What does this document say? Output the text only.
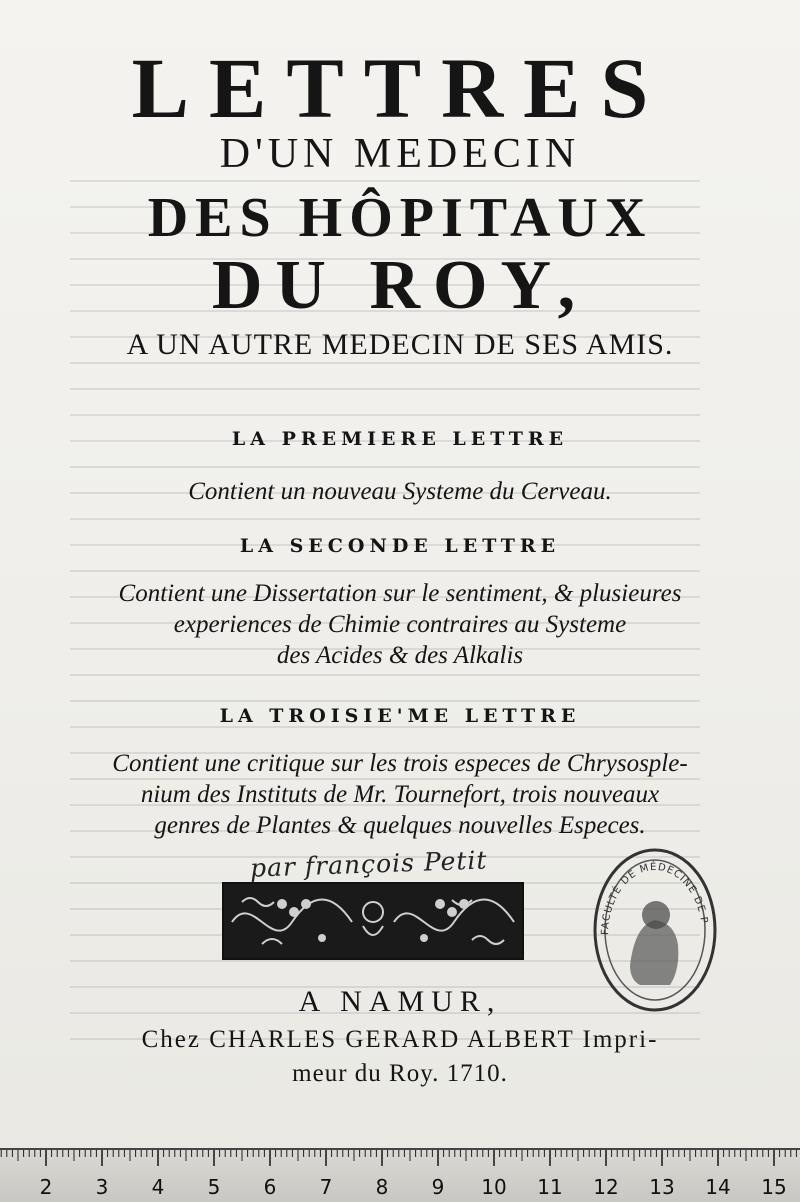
LETTRES
D'UN MEDECIN
DES HÔPITAUX
DU ROY,
A UN AUTRE MEDECIN DE SES AMIS.
LA PREMIERE LETTRE
Contient un nouveau Systeme du Cerveau.
LA SECONDE LETTRE
Contient une Dissertation sur le sentiment, & plusieures
experiences de Chimie contraires au Systeme
des Acides & des Alkalis
LA TROISIE'ME LETTRE
Contient une critique sur les trois especes de Chrysosple-
nium des Instituts de Mr. Tournefort, trois nouveaux
genres de Plantes & quelques nouvelles Especes.
par françois Petit
FACULTÉ DE MÉDECINE DE P
A NAMUR,
Chez CHARLES GERARD ALBERT Impri-
meur du Roy. 1710.
2 3 4 5 6 7 8 9 10 11 12 13 14 15
